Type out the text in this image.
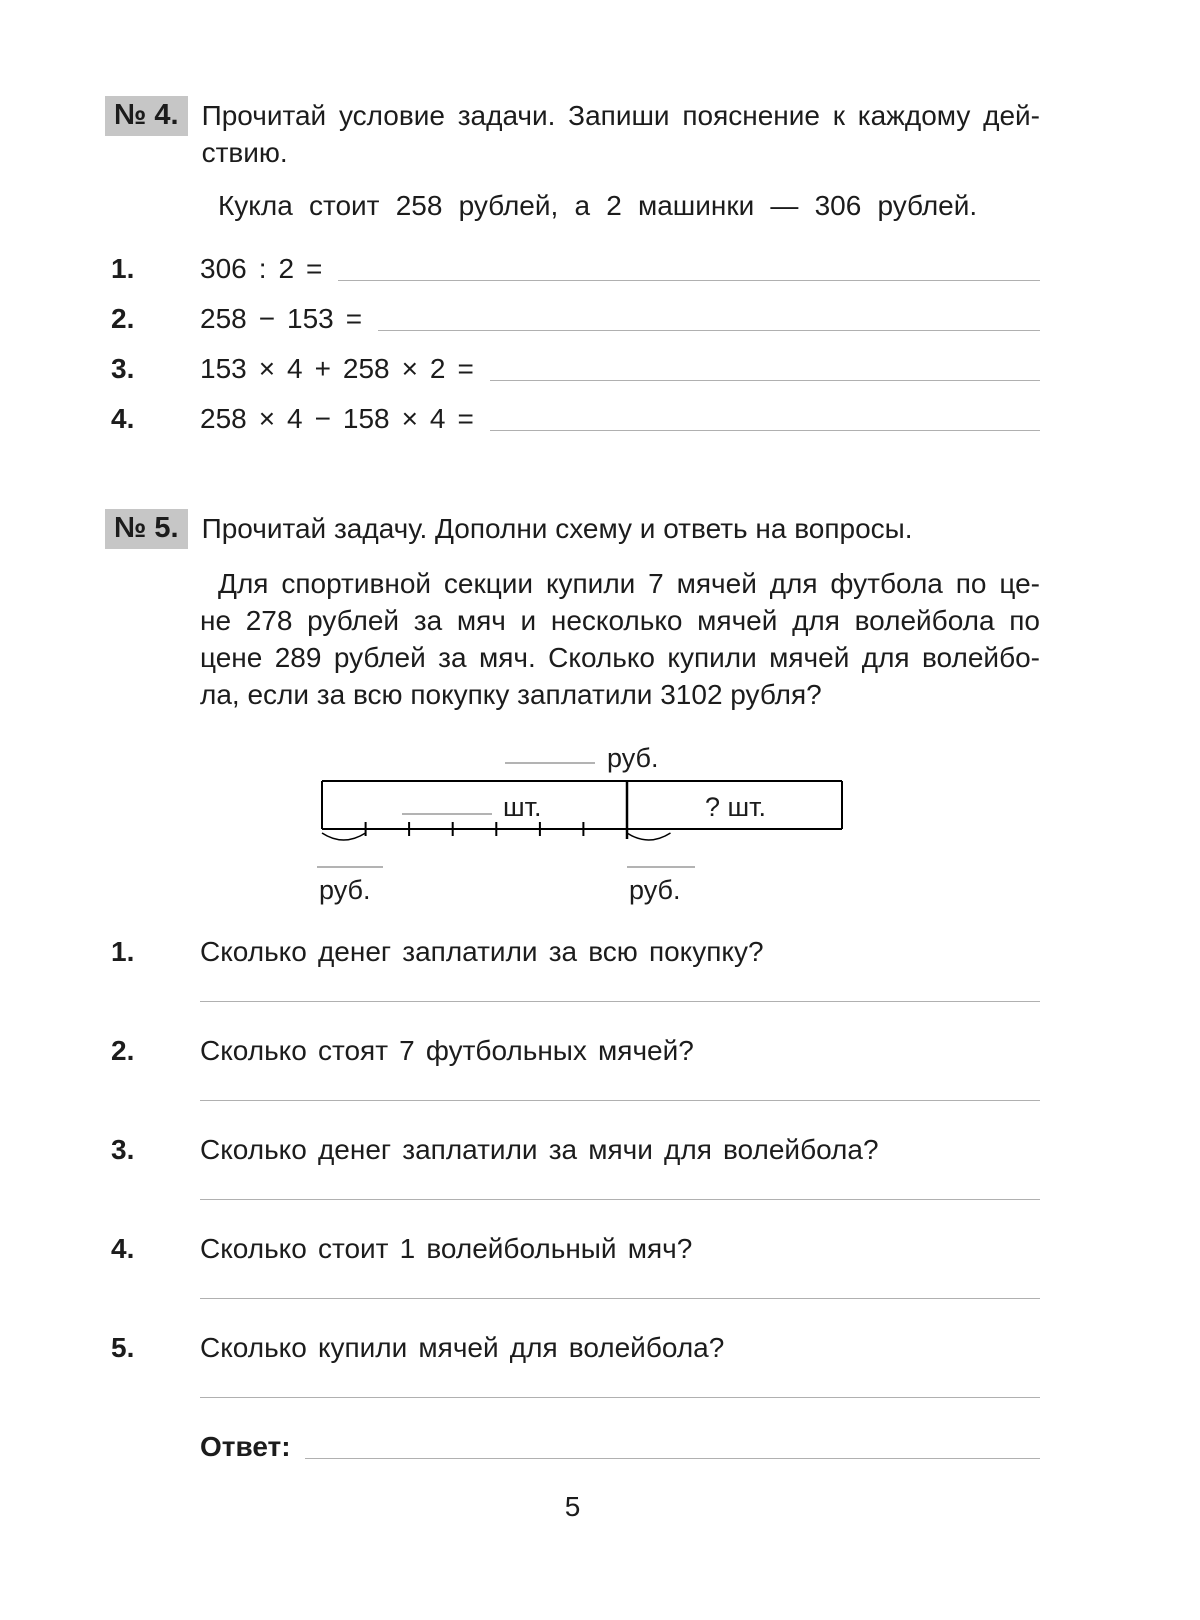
№ 4. Прочитай условие задачи. Запиши пояснение к каждому дей-
ствию.
Кукла стоит 258 рублей, а 2 машинки — 306 рублей.
1.	306 : 2 =
2.	258 − 153 =
3.	153 × 4 + 258 × 2 =
4.	258 × 4 − 158 × 4 =
№ 5. Прочитай задачу. Дополни схему и ответь на вопросы.
Для спортивной секции купили 7 мячей для футбола по це-
не 278 рублей за мяч и несколько мячей для волейбола по
цене 289 рублей за мяч. Сколько купили мячей для волейбо-
ла, если за всю покупку заплатили 3102 рубля?
руб.
шт.	? шт.
руб.	руб.
1.	Сколько денег заплатили за всю покупку?
2.	Сколько стоят 7 футбольных мячей?
3.	Сколько денег заплатили за мячи для волейбола?
4.	Сколько стоит 1 волейбольный мяч?
5.	Сколько купили мячей для волейбола?
Ответ:
5
